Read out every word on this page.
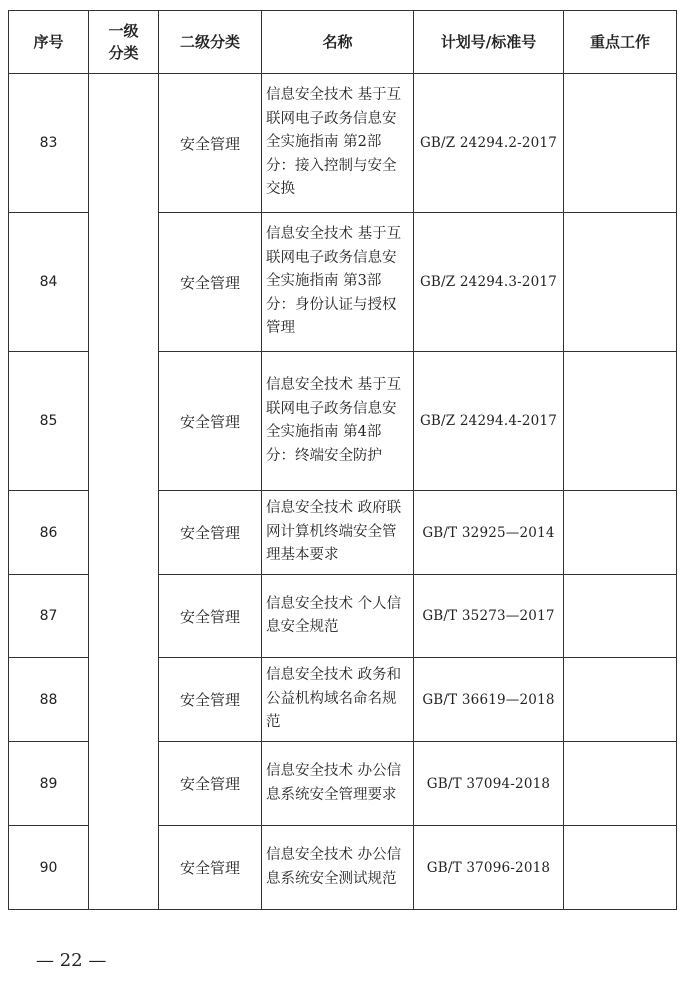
序号	一级分类	二级分类	名称	计划号/标准号	重点工作
83		安全管理	信息安全技术 基于互联网电子政务信息安全实施指南 第2部分：接入控制与安全交换	GB/Z 24294.2-2017	
84		安全管理	信息安全技术 基于互联网电子政务信息安全实施指南 第3部分：身份认证与授权管理	GB/Z 24294.3-2017	
85		安全管理	信息安全技术 基于互联网电子政务信息安全实施指南 第4部分：终端安全防护	GB/Z 24294.4-2017	
86		安全管理	信息安全技术 政府联网计算机终端安全管理基本要求	GB/T 32925—2014	
87		安全管理	信息安全技术 个人信息安全规范	GB/T 35273—2017	
88		安全管理	信息安全技术 政务和公益机构域名命名规范	GB/T 36619—2018	
89		安全管理	信息安全技术 办公信息系统安全管理要求	GB/T 37094-2018	
90		安全管理	信息安全技术 办公信息系统安全测试规范	GB/T 37096-2018	
— 22 —
